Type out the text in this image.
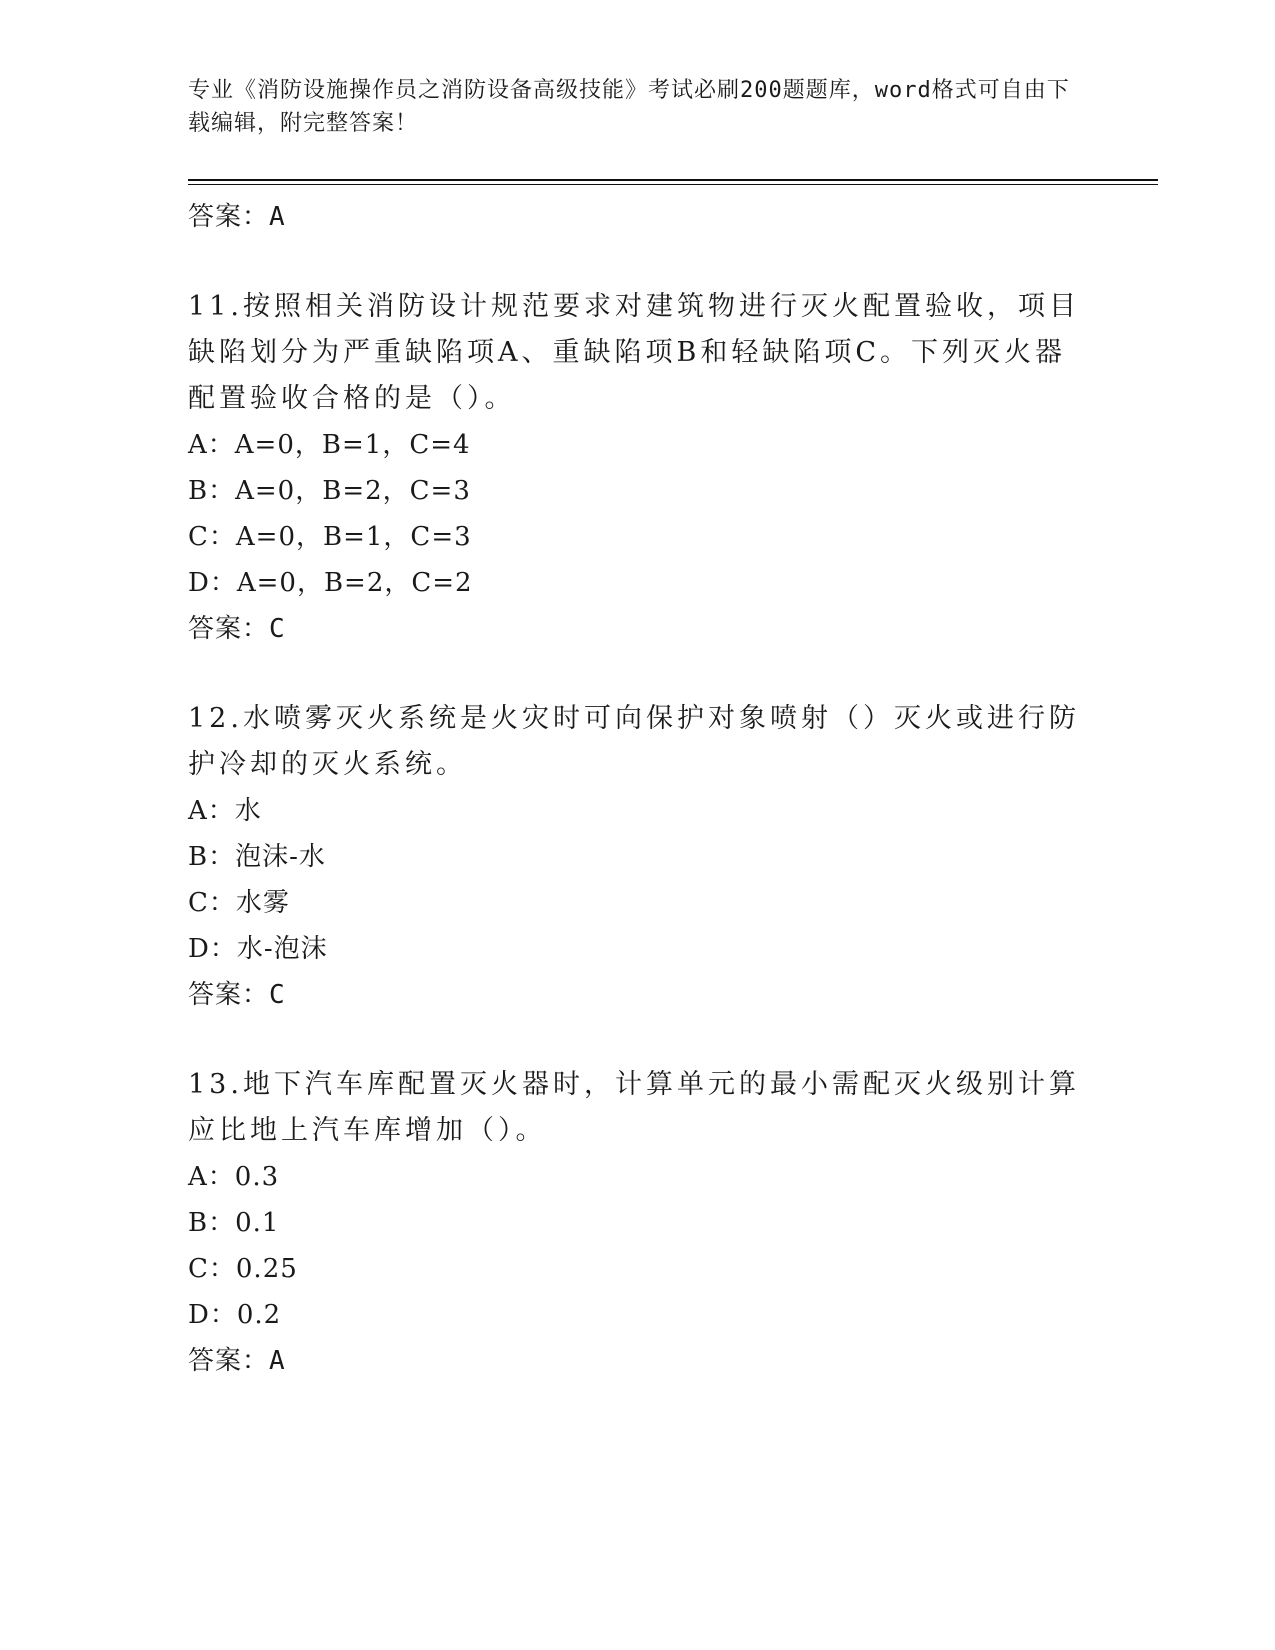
专业《消防设施操作员之消防设备高级技能》考试必刷200题题库，word格式可自由下载编辑，附完整答案！
答案：A
11.按照相关消防设计规范要求对建筑物进行灭火配置验收，项目缺陷划分为严重缺陷项A、重缺陷项B和轻缺陷项C。下列灭火器配置验收合格的是（）。
A：A=0，B=1，C=4
B：A=0，B=2，C=3
C：A=0，B=1，C=3
D：A=0，B=2，C=2
答案：C
12.水喷雾灭火系统是火灾时可向保护对象喷射（）灭火或进行防护冷却的灭火系统。
A：水
B：泡沫-水
C：水雾
D：水-泡沫
答案：C
13.地下汽车库配置灭火器时，计算单元的最小需配灭火级别计算应比地上汽车库增加（）。
A：0.3
B：0.1
C：0.25
D：0.2
答案：A
